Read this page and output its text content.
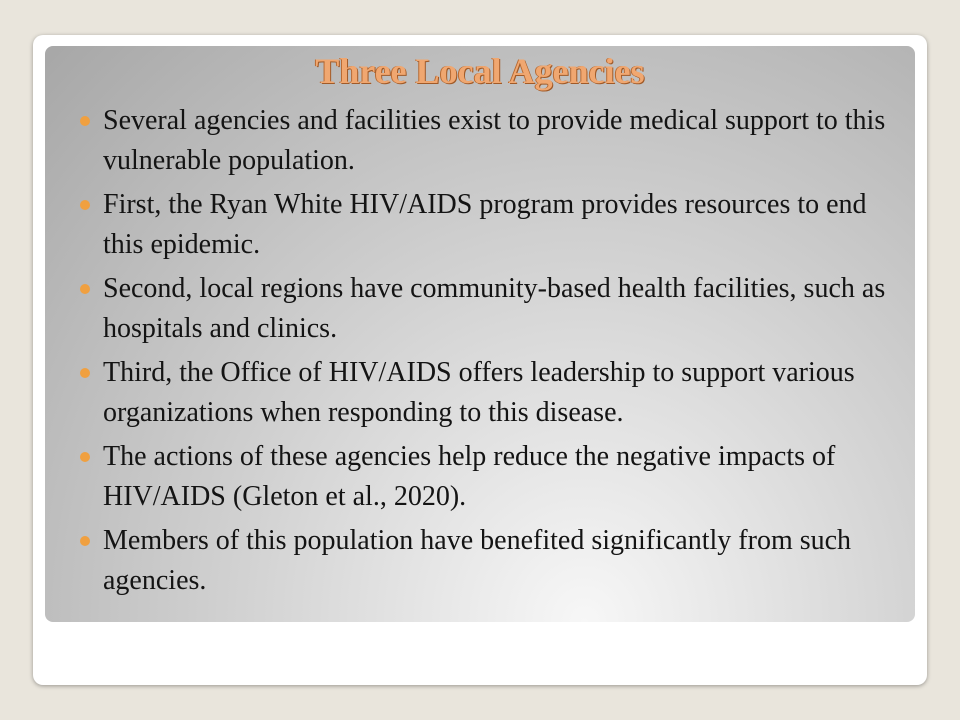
Three Local Agencies
Several agencies and facilities exist to provide medical support to this vulnerable population.
First, the Ryan White HIV/AIDS program provides resources to end this epidemic.
Second, local regions have community-based health facilities, such as hospitals and clinics.
Third, the Office of HIV/AIDS offers leadership to support various organizations when responding to this disease.
The actions of these agencies help reduce the negative impacts of HIV/AIDS (Gleton et al., 2020).
Members of this population have benefited significantly from such agencies.
